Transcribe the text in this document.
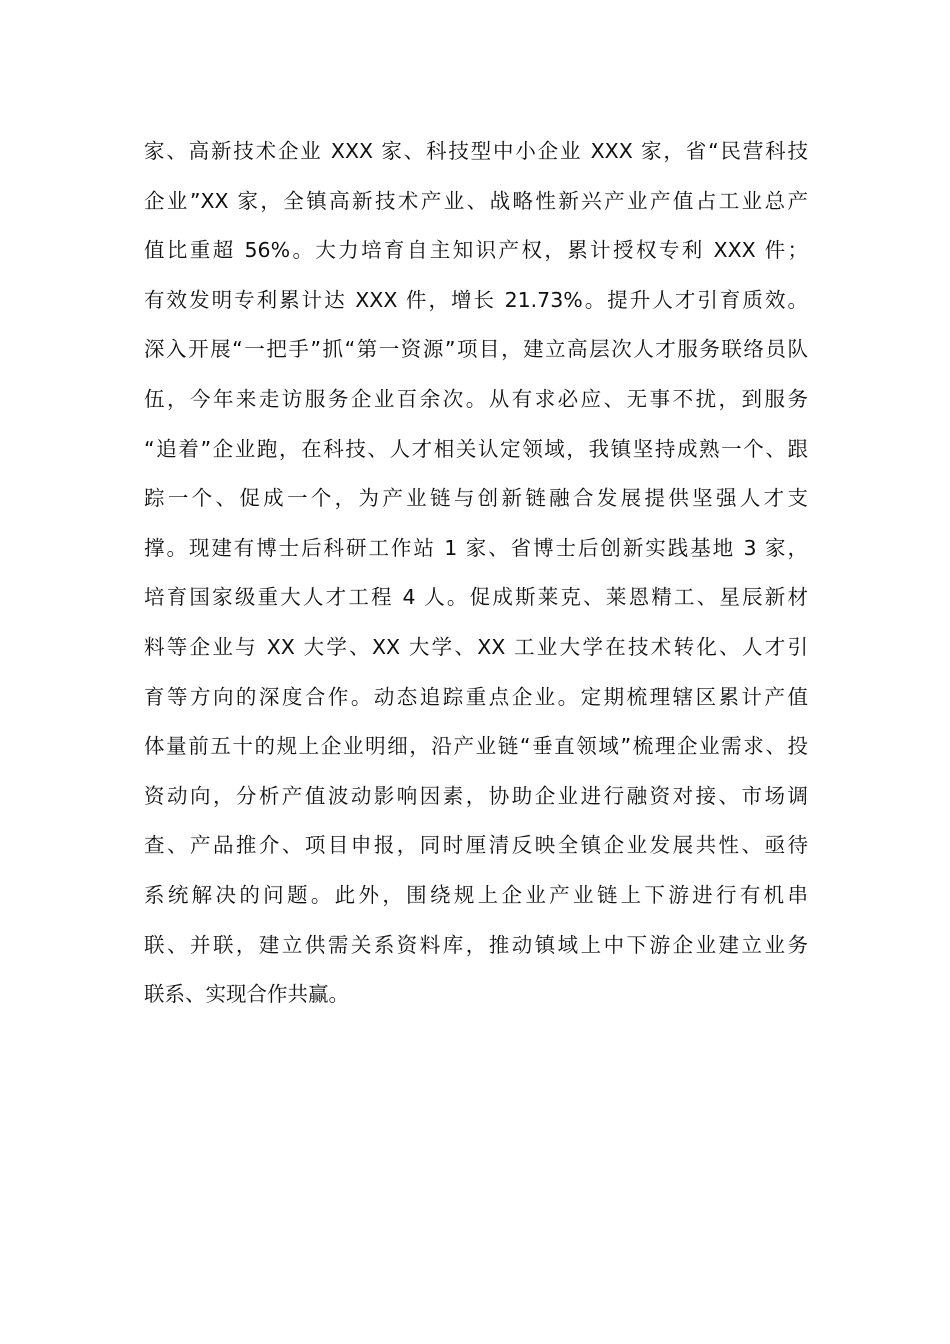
家、高新技术企业 XXX 家、科技型中小企业 XXX 家，省“民营科技
企业”XX 家，全镇高新技术产业、战略性新兴产业产值占工业总产
值比重超 56%。大力培育自主知识产权，累计授权专利 XXX 件；
有效发明专利累计达 XXX 件，增长 21.73%。提升人才引育质效。
深入开展“一把手”抓“第一资源”项目，建立高层次人才服务联络员队
伍，今年来走访服务企业百余次。从有求必应、无事不扰，到服务
“追着”企业跑，在科技、人才相关认定领域，我镇坚持成熟一个、跟
踪一个、促成一个，为产业链与创新链融合发展提供坚强人才支
撑。现建有博士后科研工作站 1 家、省博士后创新实践基地 3 家，
培育国家级重大人才工程 4 人。促成斯莱克、莱恩精工、星辰新材
料等企业与 XX 大学、XX 大学、XX 工业大学在技术转化、人才引
育等方向的深度合作。动态追踪重点企业。定期梳理辖区累计产值
体量前五十的规上企业明细，沿产业链“垂直领域”梳理企业需求、投
资动向，分析产值波动影响因素，协助企业进行融资对接、市场调
查、产品推介、项目申报，同时厘清反映全镇企业发展共性、亟待
系统解决的问题。此外，围绕规上企业产业链上下游进行有机串
联、并联，建立供需关系资料库，推动镇域上中下游企业建立业务
联系、实现合作共赢。
